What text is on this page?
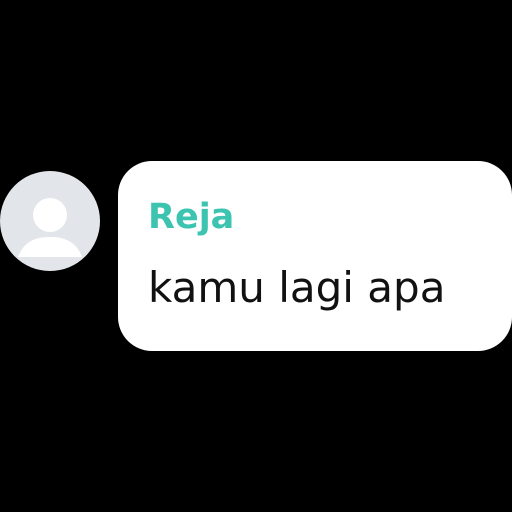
Reja
kamu lagi apa
